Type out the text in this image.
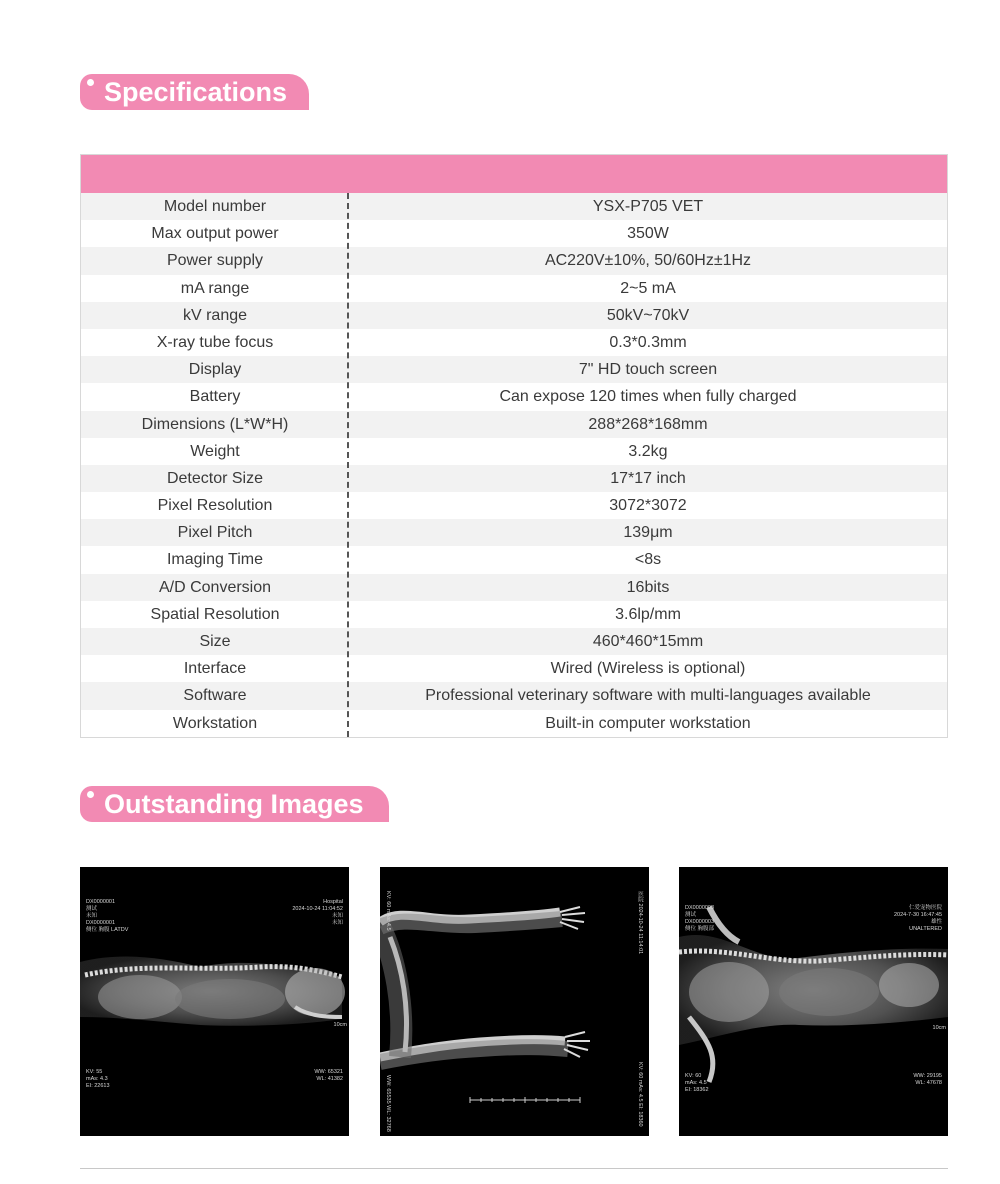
Specifications
Model number	YSX-P705 VET
Max output power	350W
Power supply	AC220V±10%, 50/60Hz±1Hz
mA range	2~5 mA
kV range	50kV~70kV
X-ray tube focus	0.3*0.3mm
Display	7" HD touch screen
Battery	Can expose 120 times when fully charged
Dimensions (L*W*H)	288*268*168mm
Weight	3.2kg
Detector Size	17*17 inch
Pixel Resolution	3072*3072
Pixel Pitch	139μm
Imaging Time	<8s
A/D Conversion	16bits
Spatial Resolution	3.6lp/mm
Size	460*460*15mm
Interface	Wired (Wireless is optional)
Software	Professional veterinary software with multi-languages available
Workstation	Built-in computer workstation
Outstanding Images
DX0000001
测试
未知
DX0000001
侧位 胸腹 LATDV
Hospital
2024-10-24 11:04:52
未知
未知
10cm
KV: 55
mAs: 4.3
EI: 22613
WW: 65321
WL: 41382
KV: 60 mAs: 4.5	医院 2024-10-24 11:14:01
WW: 65535 WL: 32768	KV: 60 mAs: 4.5 EI: 18360
DX0000003
测试
DX0000003
侧位 胸腹部
仁爱宠物医院
2024-7-30 16:47:45
雄性
UNALTERED
10cm
KV: 60
mAs: 4.5
EI: 18362
WW: 29195
WL: 47678
